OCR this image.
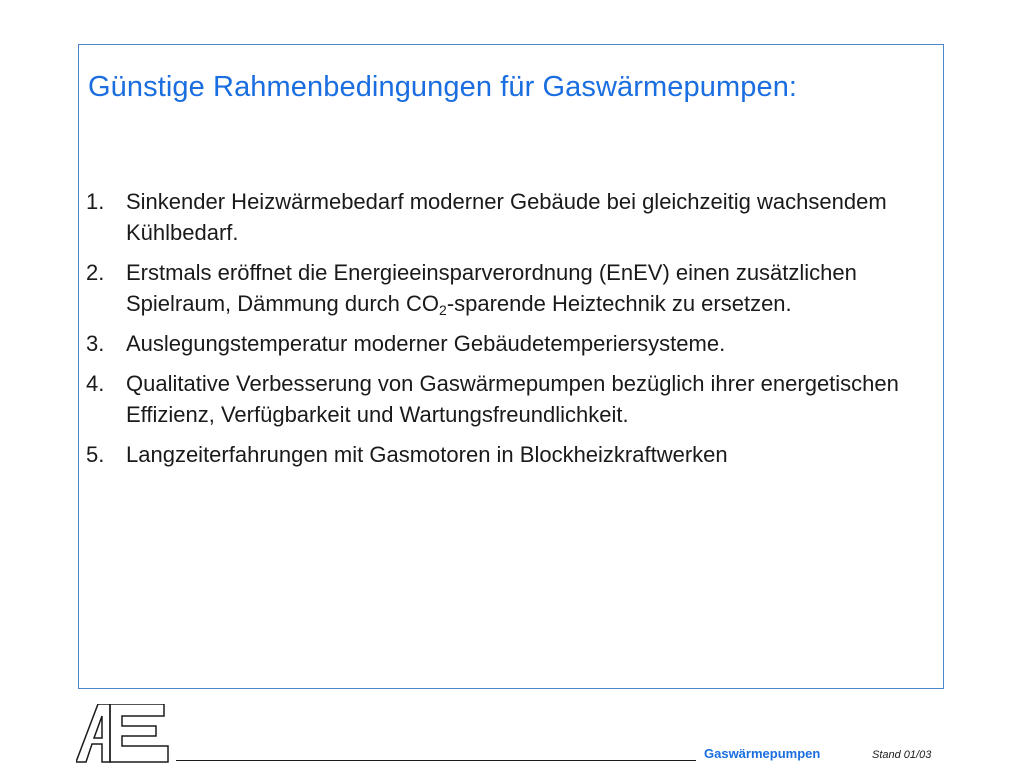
Günstige Rahmenbedingungen für Gaswärmepumpen:
1. Sinkender Heizwärmebedarf moderner Gebäude bei gleichzeitig wachsendem Kühlbedarf.
2. Erstmals eröffnet die Energieeinsparverordnung (EnEV) einen zusätzlichen Spielraum, Dämmung durch $CO_2$-sparende Heiztechnik zu ersetzen.
3. Auslegungstemperatur moderner Gebäudetemperiersysteme.
4. Qualitative Verbesserung von Gaswärmepumpen bezüglich ihrer energetischen Effizienz, Verfügbarkeit und Wartungsfreundlichkeit.
5. Langzeiterfahrungen mit Gasmotoren in Blockheizkraftwerken
Gaswärmepumpen	Stand 01/03
